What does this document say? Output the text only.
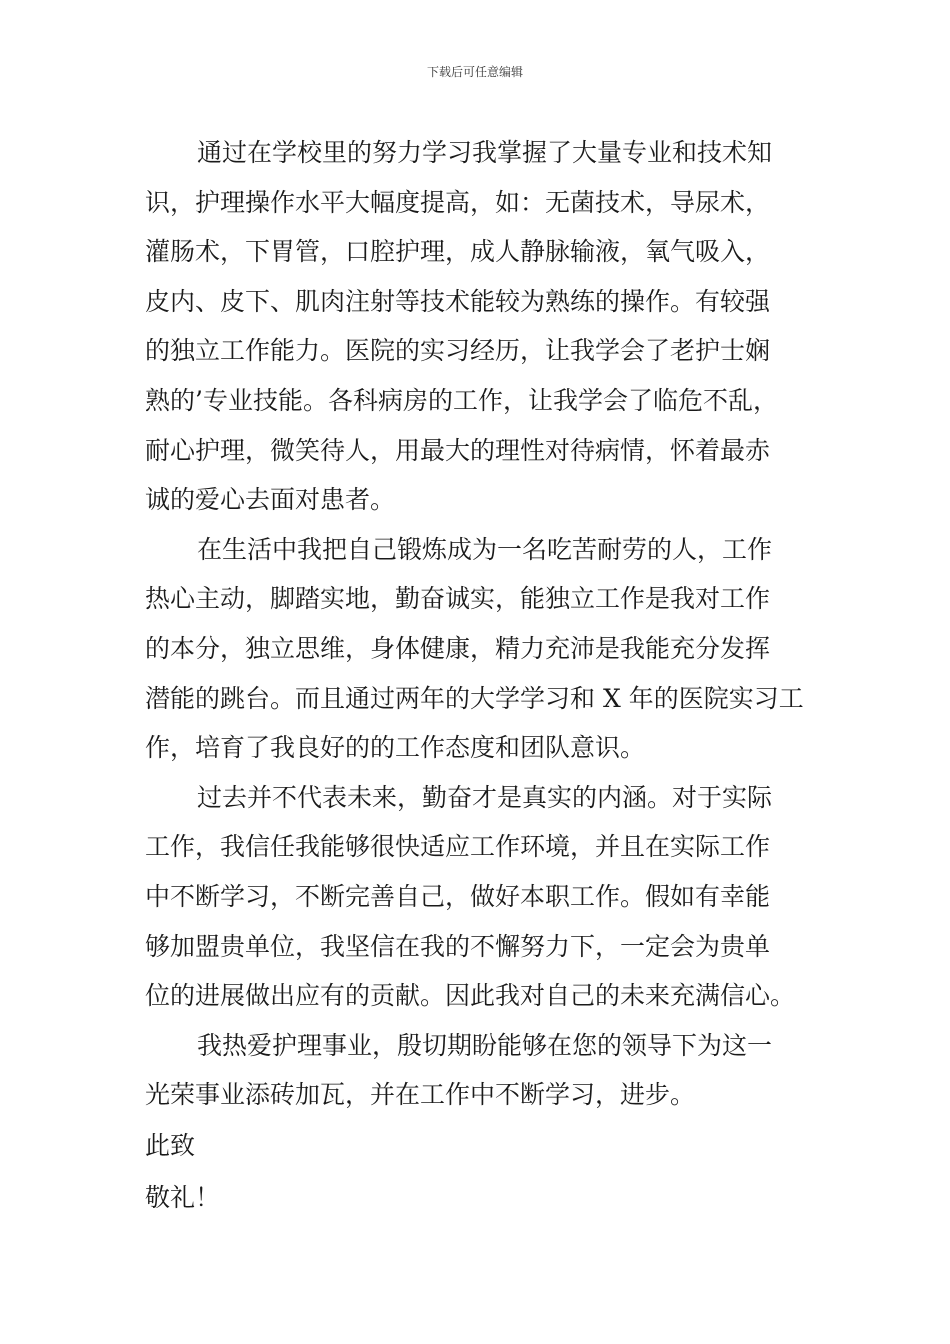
下载后可任意编辑
通过在学校里的努力学习我掌握了大量专业和技术知
识，护理操作水平大幅度提高，如：无菌技术，导尿术，
灌肠术，下胃管，口腔护理，成人静脉输液，氧气吸入，
皮内、皮下、肌肉注射等技术能较为熟练的操作。有较强
的独立工作能力。医院的实习经历，让我学会了老护士娴
熟的’专业技能。各科病房的工作，让我学会了临危不乱，
耐心护理，微笑待人，用最大的理性对待病情，怀着最赤
诚的爱心去面对患者。
在生活中我把自己锻炼成为一名吃苦耐劳的人，工作
热心主动，脚踏实地，勤奋诚实，能独立工作是我对工作
的本分，独立思维，身体健康，精力充沛是我能充分发挥
潜能的跳台。而且通过两年的大学学习和 X 年的医院实习工
作，培育了我良好的的工作态度和团队意识。
过去并不代表未来，勤奋才是真实的内涵。对于实际
工作，我信任我能够很快适应工作环境，并且在实际工作
中不断学习，不断完善自己，做好本职工作。假如有幸能
够加盟贵单位，我坚信在我的不懈努力下，一定会为贵单
位的进展做出应有的贡献。因此我对自己的未来充满信心。
我热爱护理事业，殷切期盼能够在您的领导下为这一
光荣事业添砖加瓦，并在工作中不断学习，进步。
此致
敬礼！
